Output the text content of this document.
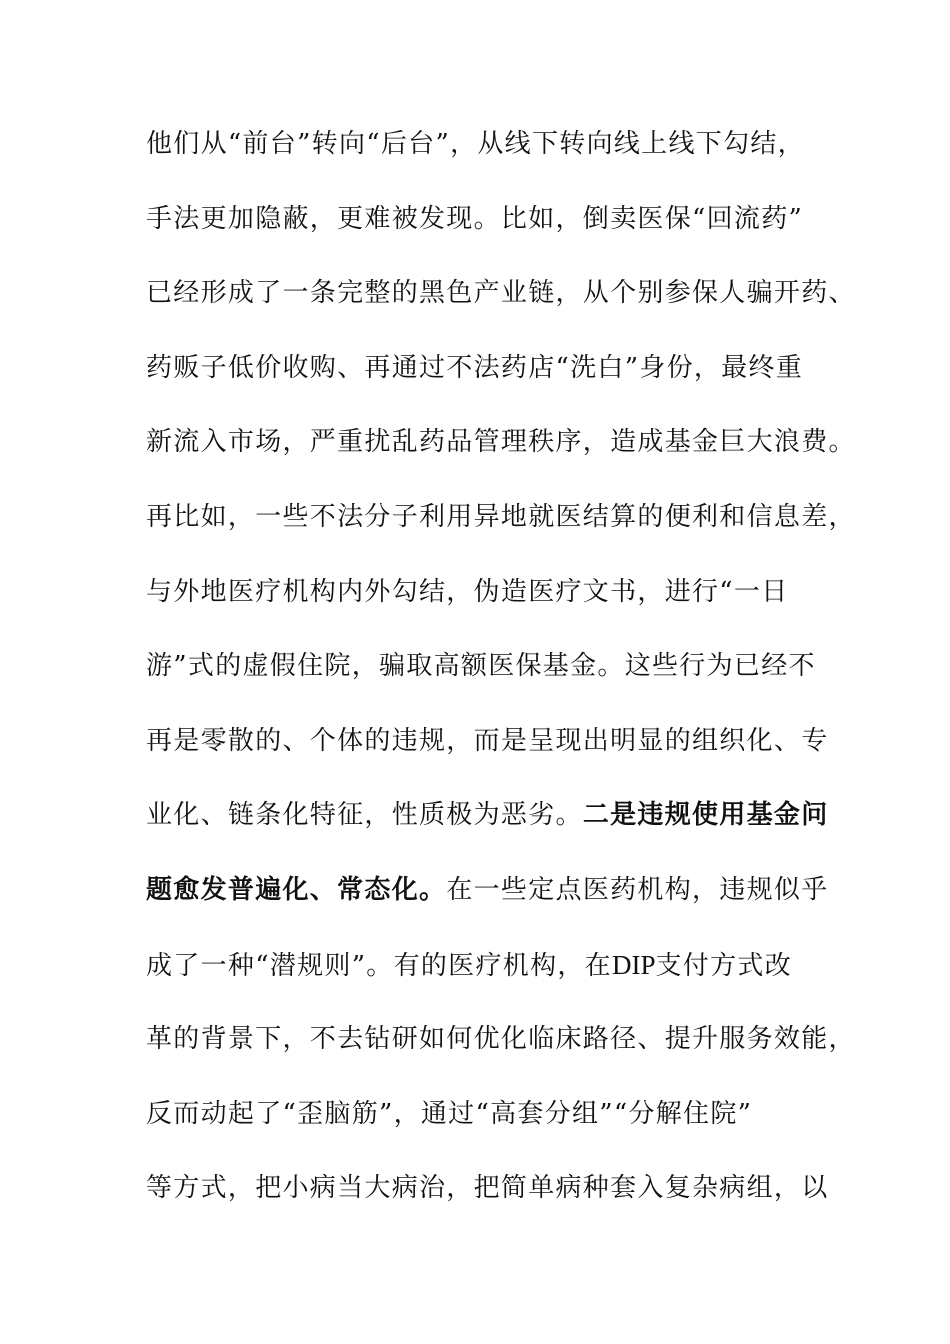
他们从“前台”转向“后台”，从线下转向线上线下勾结，
手法更加隐蔽，更难被发现。比如，倒卖医保“回流药”
已经形成了一条完整的黑色产业链，从个别参保人骗开药、
药贩子低价收购、再通过不法药店“洗白”身份，最终重
新流入市场，严重扰乱药品管理秩序，造成基金巨大浪费。
再比如，一些不法分子利用异地就医结算的便利和信息差，
与外地医疗机构内外勾结，伪造医疗文书，进行“一日
游”式的虚假住院，骗取高额医保基金。这些行为已经不
再是零散的、个体的违规，而是呈现出明显的组织化、专
业化、链条化特征，性质极为恶劣。二是违规使用基金问
题愈发普遍化、常态化。在一些定点医药机构，违规似乎
成了一种“潜规则”。有的医疗机构，在DIP支付方式改
革的背景下，不去钻研如何优化临床路径、提升服务效能，
反而动起了“歪脑筋”，通过“高套分组”“分解住院”
等方式，把小病当大病治，把简单病种套入复杂病组，以
